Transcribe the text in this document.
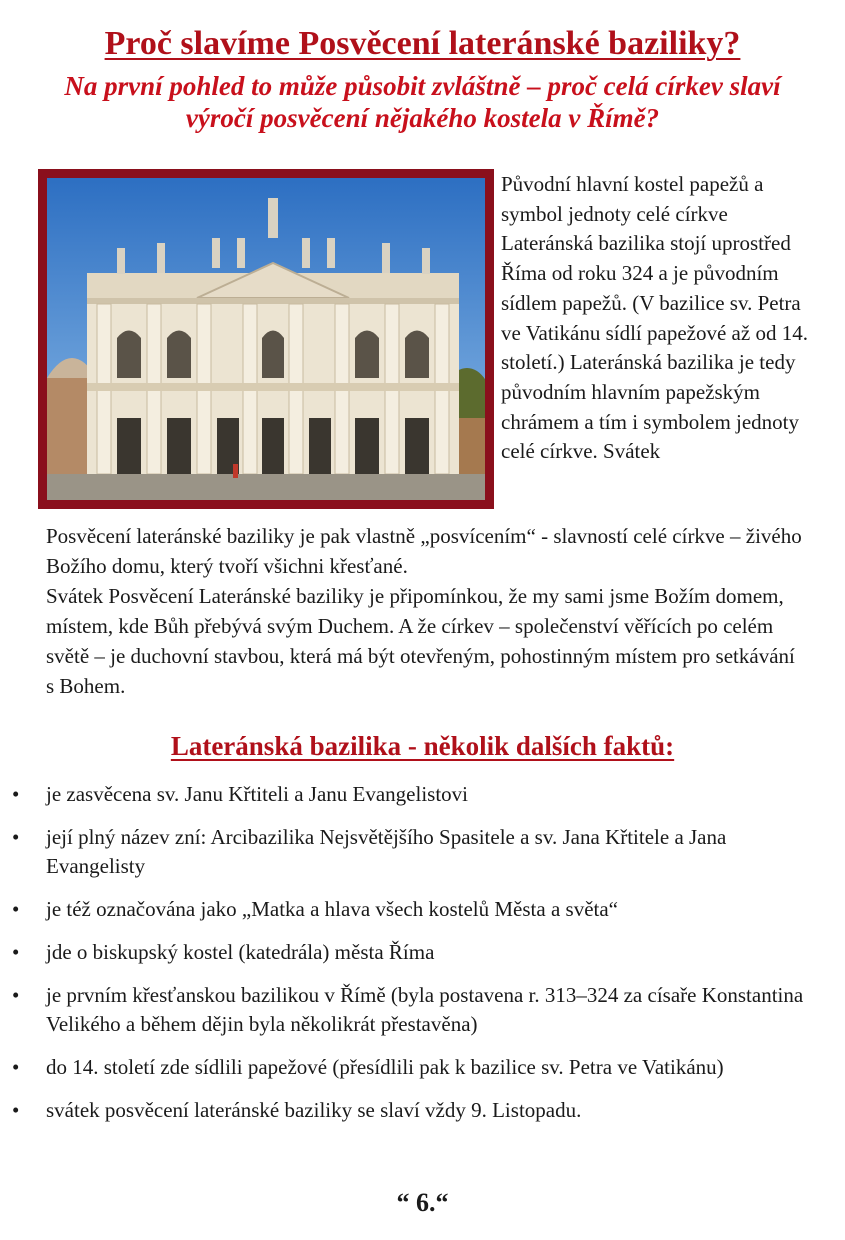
Proč slavíme Posvěcení lateránské baziliky?
Na první pohled to může působit zvláštně – proč celá církev slaví výročí posvěcení nějakého kostela v Římě?

Původní hlavní kostel papežů a symbol jednoty celé církve Lateránská bazilika stojí uprostřed Říma od roku 324 a je původním sídlem papežů. (V bazilice sv. Petra ve Vatikánu sídlí papežové až od 14. století.) Lateránská bazilika je tedy původním hlavním papežským chrámem a tím i symbolem jednoty celé církve. Svátek

Posvěcení lateránské baziliky je pak vlastně „posvícením“ - slavností celé církve – živého Božího domu, který tvoří všichni křesťané.

Svátek Posvěcení Lateránské baziliky je připomínkou, že my sami jsme Božím domem, místem, kde Bůh přebývá svým Duchem. A že církev – společenství věřících po celém světě – je duchovní stavbou, která má být otevřeným, pohostinným místem pro setkávání s Bohem.

Lateránská bazilika - několik dalších faktů:
• je zasvěcena sv. Janu Křtiteli a Janu Evangelistovi
• její plný název zní: Arcibazilika Nejsvětějšího Spasitele a sv. Jana Křtitele a Jana Evangelisty
• je též označována jako „Matka a hlava všech kostelů Města a světa“
• jde o biskupský kostel (katedrála) města Říma
• je prvním křesťanskou bazilikou v Římě (byla postavena r. 313–324 za císaře Konstantina Velikého a během dějin byla několikrát přestavěna)
• do 14. století zde sídlili papežové (přesídlili pak k bazilice sv. Petra ve Vatikánu)
• svátek posvěcení lateránské baziliky se slaví vždy 9. Listopadu.
“ 6.“
